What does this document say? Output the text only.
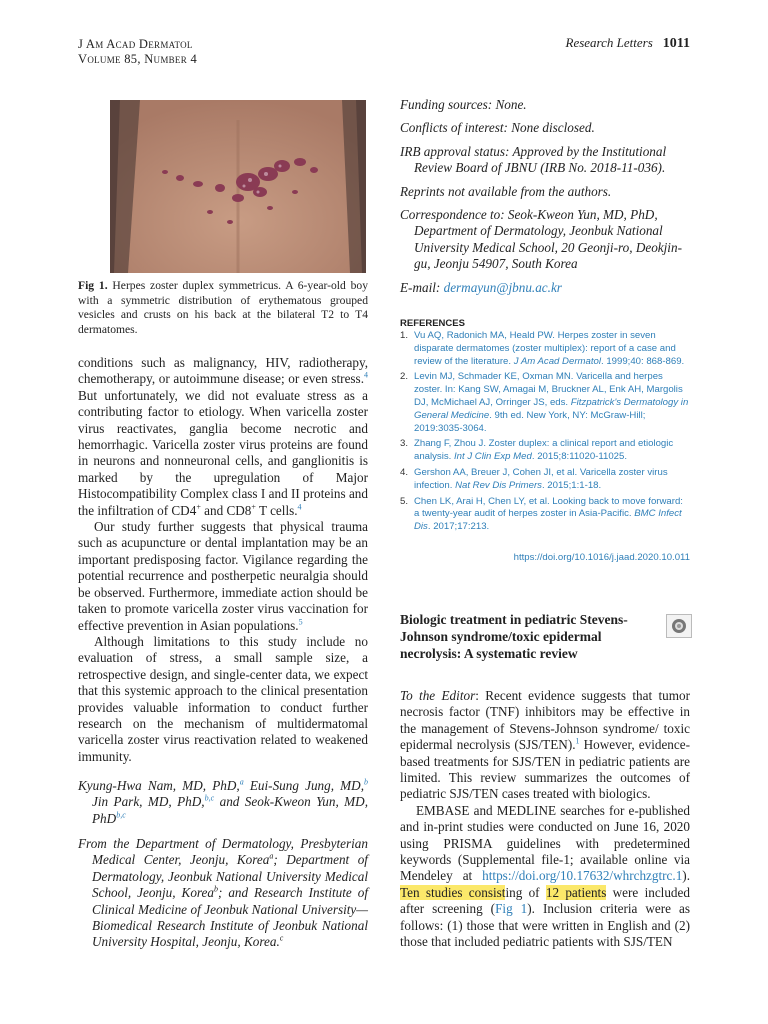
J Am Acad Dermatol
Volume 85, Number 4
Research Letters 1011
Fig 1. Herpes zoster duplex symmetricus. A 6-year-old boy with a symmetric distribution of erythematous grouped vesicles and crusts on his back at the bilateral T2 to T4 dermatomes.

conditions such as malignancy, HIV, radiotherapy, chemotherapy, or autoimmune disease; or even stress.$^4$ But unfortunately, we did not evaluate stress as a contributing factor to etiology. When varicella zoster virus reactivates, ganglia become necrotic and hemorrhagic. Varicella zoster virus proteins are found in neurons and nonneuronal cells, and ganglionitis is marked by the upregulation of Major Histocompatibility Complex class I and II proteins and the infiltration of CD4+ and CD8+ T cells.$^4$

Our study further suggests that physical trauma such as acupuncture or dental implantation may be an important predisposing factor. Vigilance regarding the potential recurrence and postherpetic neuralgia should be observed. Furthermore, immediate action should be taken to promote varicella zoster virus vaccination for effective prevention in Asian populations.$^5$

Although limitations to this study include no evaluation of stress, a small sample size, a retrospective design, and single-center data, we expect that this systemic approach to the clinical presentation provides valuable information to conduct further research on the mechanism of multidermatomal varicella zoster virus reactivation related to weakened immunity.

Kyung-Hwa Nam, MD, PhD,$^a$ Eui-Sung Jung, MD,$^b$ Jin Park, MD, PhD,$^{b,c}$ and Seok-Kweon Yun, MD, PhD$^{b,c}$

From the Department of Dermatology, Presbyterian Medical Center, Jeonju, Korea$^a$; Department of Dermatology, Jeonbuk National University Medical School, Jeonju, Korea$^b$; and Research Institute of Clinical Medicine of Jeonbuk National University—Biomedical Research Institute of Jeonbuk National University Hospital, Jeonju, Korea.$^c$

Funding sources: None.

Conflicts of interest: None disclosed.

IRB approval status: Approved by the Institutional Review Board of JBNU (IRB No. 2018-11-036).

Reprints not available from the authors.

Correspondence to: Seok-Kweon Yun, MD, PhD, Department of Dermatology, Jeonbuk National University Medical School, 20 Geonji-ro, Deokjin-gu, Jeonju 54907, South Korea

E-mail: dermayun@jbnu.ac.kr

REFERENCES
1. Vu AQ, Radonich MA, Heald PW. Herpes zoster in seven disparate dermatomes (zoster multiplex): report of a case and review of the literature. J Am Acad Dermatol. 1999;40: 868-869.
2. Levin MJ, Schmader KE, Oxman MN. Varicella and herpes zoster. In: Kang SW, Amagai M, Bruckner AL, Enk AH, Margolis DJ, McMichael AJ, Orringer JS, eds. Fitzpatrick's Dermatology in General Medicine. 9th ed. New York, NY: McGraw-Hill; 2019:3035-3064.
3. Zhang F, Zhou J. Zoster duplex: a clinical report and etiologic analysis. Int J Clin Exp Med. 2015;8:11020-11025.
4. Gershon AA, Breuer J, Cohen JI, et al. Varicella zoster virus infection. Nat Rev Dis Primers. 2015;1:1-18.
5. Chen LK, Arai H, Chen LY, et al. Looking back to move forward: a twenty-year audit of herpes zoster in Asia-Pacific. BMC Infect Dis. 2017;17:213.
https://doi.org/10.1016/j.jaad.2020.10.011
Biologic treatment in pediatric Stevens-Johnson syndrome/toxic epidermal necrolysis: A systematic review

To the Editor: Recent evidence suggests that tumor necrosis factor (TNF) inhibitors may be effective in the management of Stevens-Johnson syndrome/ toxic epidermal necrolysis (SJS/TEN).$^1$ However, evidence-based treatments for SJS/TEN in pediatric patients are limited. This review summarizes the outcomes of pediatric SJS/TEN cases treated with biologics.

EMBASE and MEDLINE searches for e-published and in-print studies were conducted on June 16, 2020 using PRISMA guidelines with predetermined keywords (Supplemental file-1; available online via Mendeley at https://doi.org/10.17632/whrchzgtrc.1). Ten studies consisting of 12 patients were included after screening (Fig 1). Inclusion criteria were as follows: (1) those that were written in English and (2) those that included pediatric patients with SJS/TEN
